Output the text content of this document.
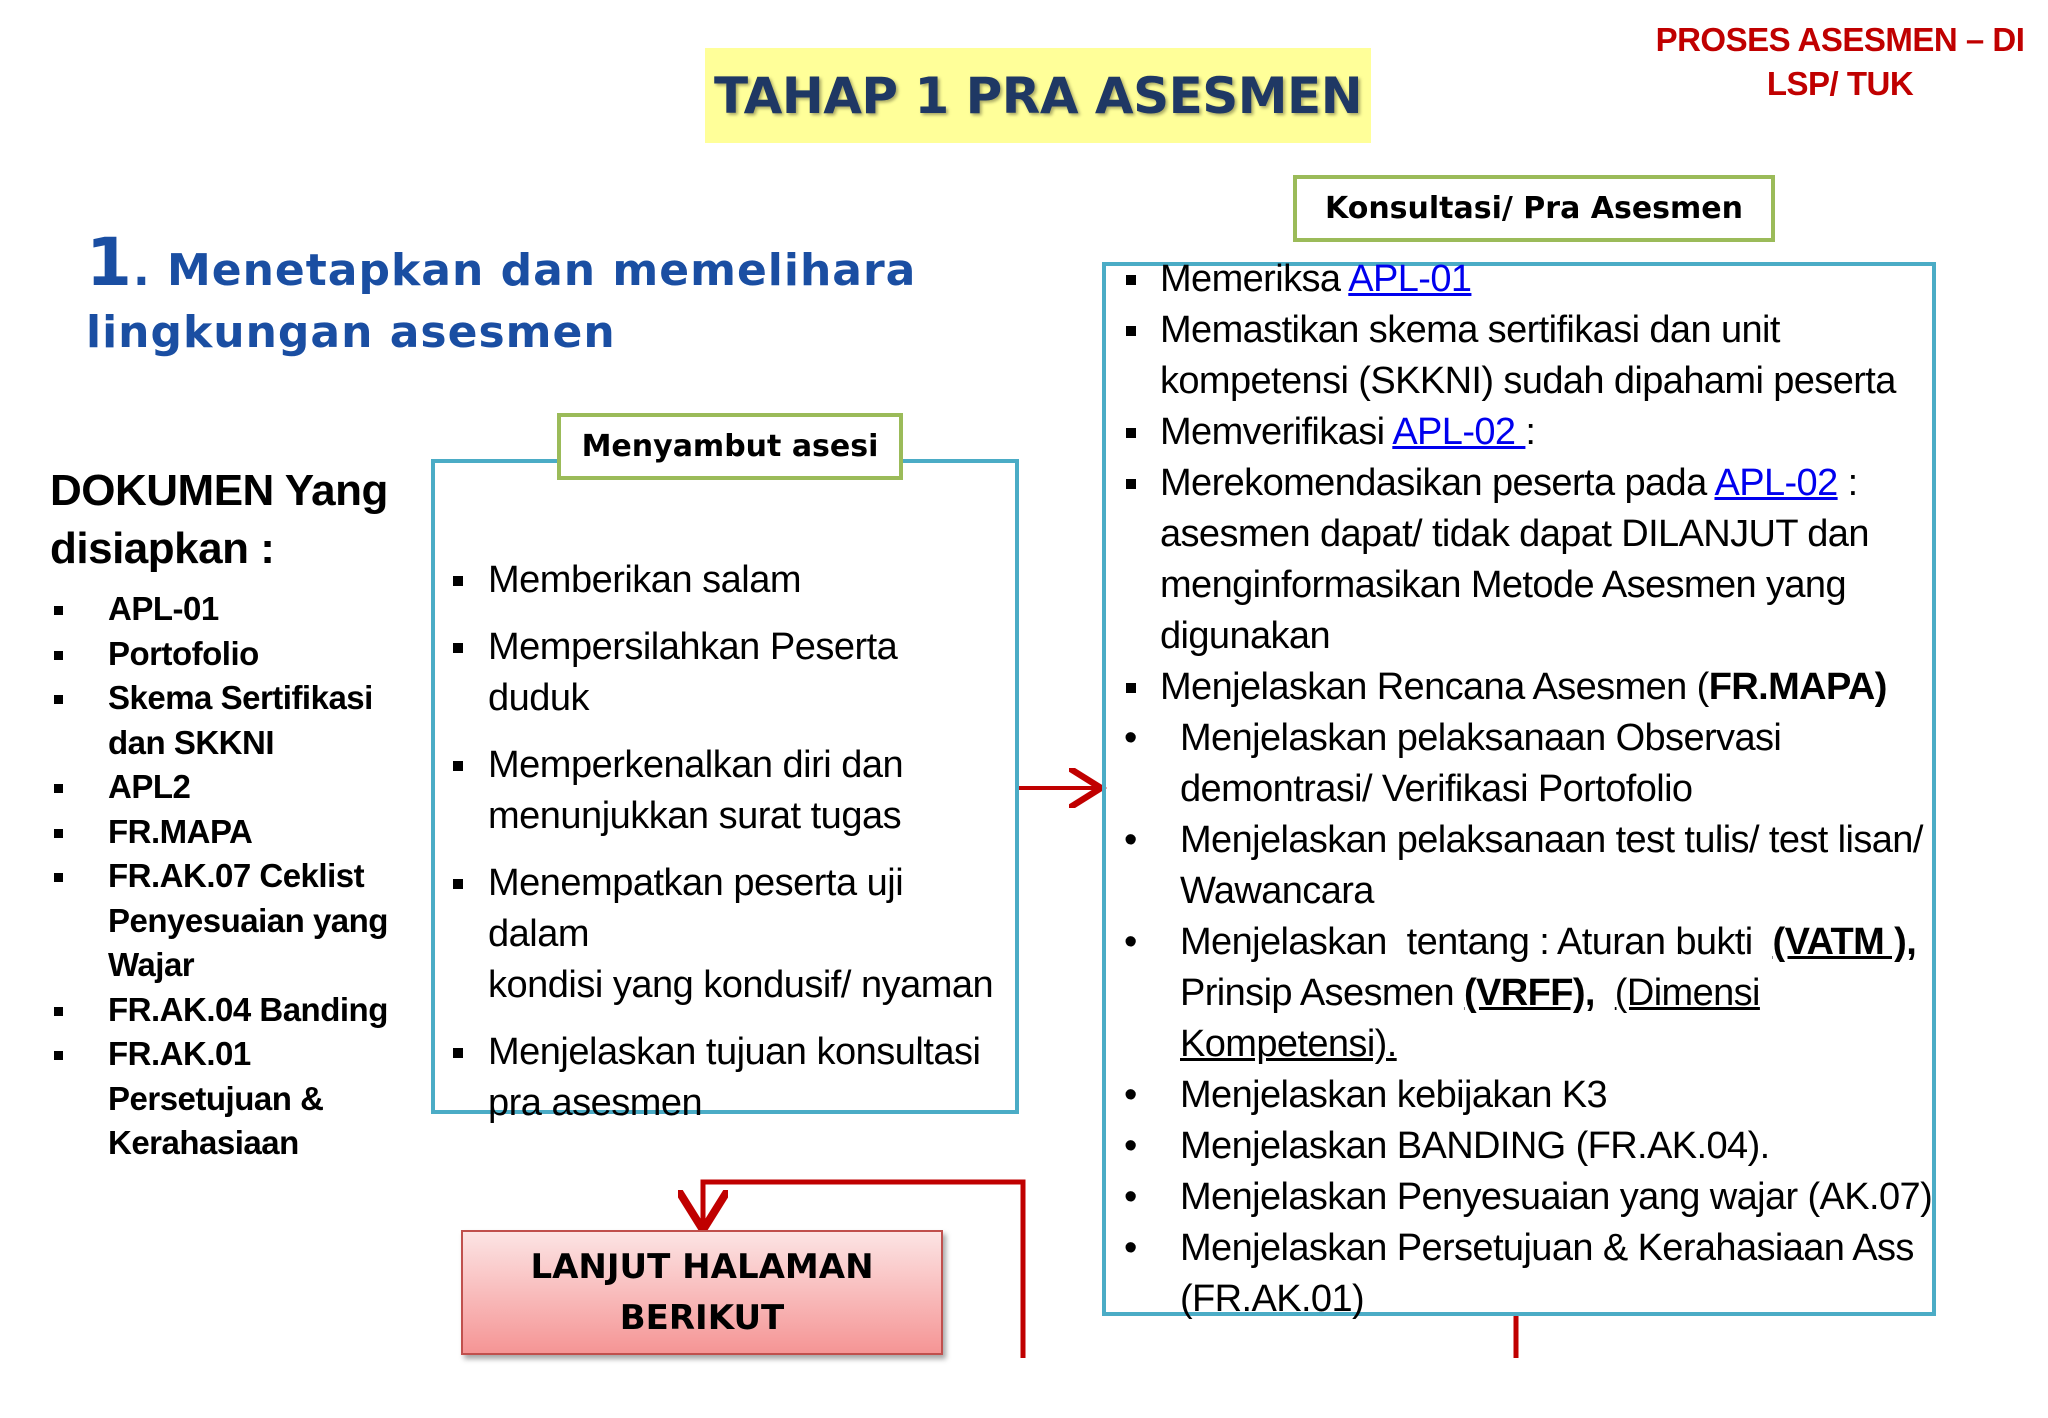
TAHAP 1 PRA ASESMEN
PROSES ASESMEN – DI
LSP/ TUK
1. Menetapkan dan memelihara
lingkungan asesmen
DOKUMEN Yang
disiapkan :
APL-01
Portofolio
Skema Sertifikasi
dan SKKNI
APL2
FR.MAPA
FR.AK.07 Ceklist
Penyesuaian yang
Wajar
FR.AK.04 Banding
FR.AK.01
Persetujuan &
Kerahasiaan
Menyambut asesi
Memberikan salam
Mempersilahkan Peserta duduk
Memperkenalkan diri dan
menunjukkan surat tugas
Menempatkan peserta uji dalam
kondisi yang kondusif/ nyaman
Menjelaskan tujuan konsultasi
pra asesmen
Konsultasi/ Pra Asesmen
Memeriksa APL-01
Memastikan skema sertifikasi dan unit
kompetensi (SKKNI) sudah dipahami peserta
Memverifikasi APL-02 :
Merekomendasikan peserta pada APL-02 :
asesmen dapat/ tidak dapat DILANJUT dan
menginformasikan Metode Asesmen yang
digunakan
Menjelaskan Rencana Asesmen (FR.MAPA)
• Menjelaskan pelaksanaan Observasi
demontrasi/ Verifikasi Portofolio
• Menjelaskan pelaksanaan test tulis/ test lisan/
Wawancara
• Menjelaskan  tentang : Aturan bukti  (VATM ),
Prinsip Asesmen (VRFF), (Dimensi
Kompetensi).
• Menjelaskan kebijakan K3
• Menjelaskan BANDING (FR.AK.04).
• Menjelaskan Penyesuaian yang wajar (AK.07)
• Menjelaskan Persetujuan & Kerahasiaan Ass
(FR.AK.01)
LANJUT HALAMAN
BERIKUT
